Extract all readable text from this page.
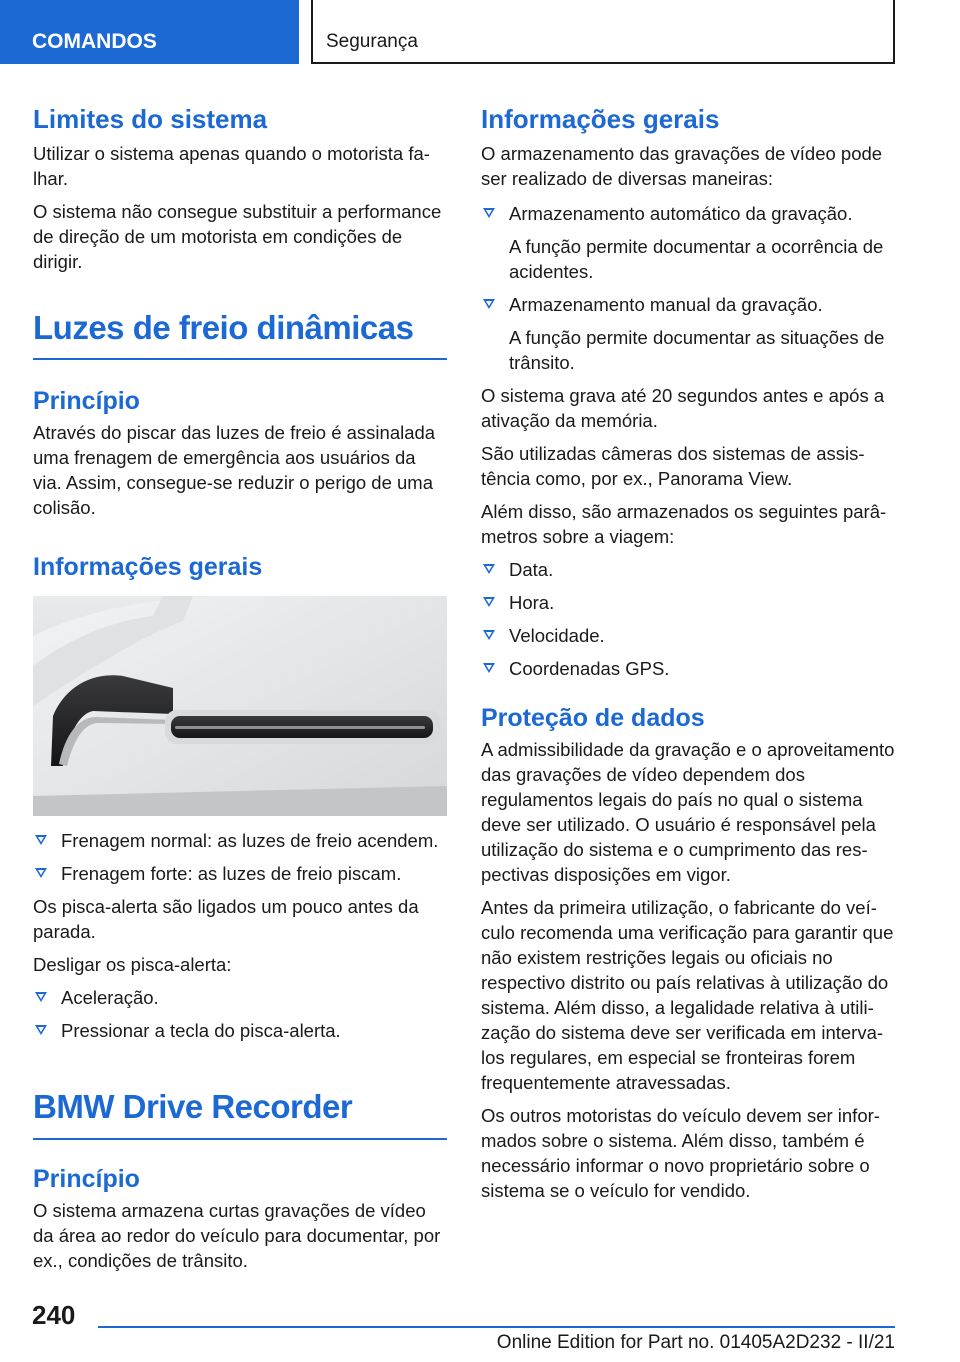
COMANDOS	Segurança
Limites do sistema

Utilizar o sistema apenas quando o motorista falhar.

O sistema não consegue substituir a performance de direção de um motorista em condições de dirigir.

Luzes de freio dinâmicas
Princípio

Através do piscar das luzes de freio é assinalada uma frenagem de emergência aos usuários da via. Assim, consegue-se reduzir o perigo de uma colisão.

Informações gerais
Frenagem normal: as luzes de freio acendem.
Frenagem forte: as luzes de freio piscam.

Os pisca-alerta são ligados um pouco antes da parada.

Desligar os pisca-alerta:

Aceleração.
Pressionar a tecla do pisca-alerta.
BMW Drive Recorder
Princípio

O sistema armazena curtas gravações de vídeo da área ao redor do veículo para documentar, por ex., condições de trânsito.

Informações gerais

O armazenamento das gravações de vídeo pode ser realizado de diversas maneiras:

Armazenamento automático da gravação.
A função permite documentar a ocorrência de acidentes.
Armazenamento manual da gravação.
A função permite documentar as situações de trânsito.

O sistema grava até 20 segundos antes e após a ativação da memória.

São utilizadas câmeras dos sistemas de assistência como, por ex., Panorama View.

Além disso, são armazenados os seguintes parâmetros sobre a viagem:

Data.
Hora.
Velocidade.
Coordenadas GPS.
Proteção de dados

A admissibilidade da gravação e o aproveitamento das gravações de vídeo dependem dos regulamentos legais do país no qual o sistema deve ser utilizado. O usuário é responsável pela utilização do sistema e o cumprimento das respectivas disposições em vigor.

Antes da primeira utilização, o fabricante do veículo recomenda uma verificação para garantir que não existem restrições legais ou oficiais no respectivo distrito ou país relativas à utilização do sistema. Além disso, a legalidade relativa à utilização do sistema deve ser verificada em intervalos regulares, em especial se fronteiras forem frequentemente atravessadas.

Os outros motoristas do veículo devem ser informados sobre o sistema. Além disso, também é necessário informar o novo proprietário sobre o sistema se o veículo for vendido.

240
Online Edition for Part no. 01405A2D232 - II/21
